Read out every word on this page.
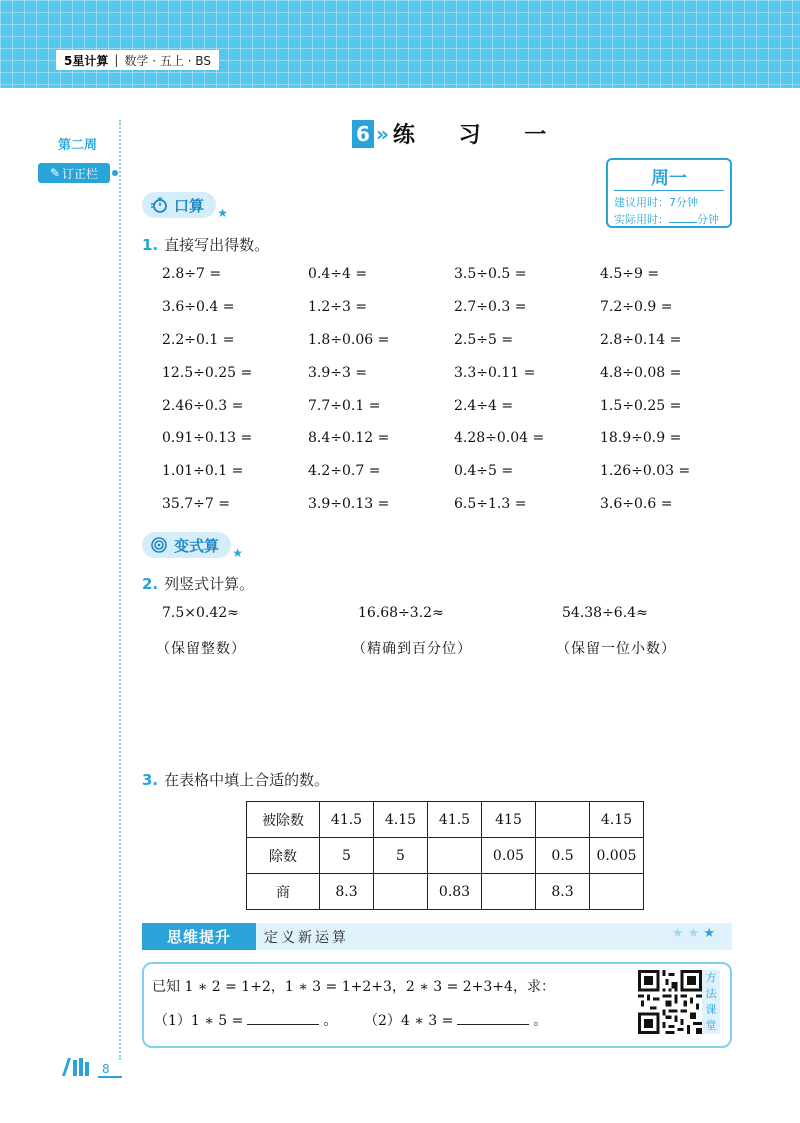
5星计算 | 数学 · 五上 · BS
第二周
✎ 订正栏
6 » 练 习 一
周一
建议用时：7分钟
实际用时：	分钟
口算 ★
1. 直接写出得数。
2.8÷7 =	0.4÷4 =	3.5÷0.5 =	4.5÷9 =
3.6÷0.4 =	1.2÷3 =	2.7÷0.3 =	7.2÷0.9 =
2.2÷0.1 =	1.8÷0.06 =	2.5÷5 =	2.8÷0.14 =
12.5÷0.25 =	3.9÷3 =	3.3÷0.11 =	4.8÷0.08 =
2.46÷0.3 =	7.7÷0.1 =	2.4÷4 =	1.5÷0.25 =
0.91÷0.13 =	8.4÷0.12 =	4.28÷0.04 =	18.9÷0.9 =
1.01÷0.1 =	4.2÷0.7 =	0.4÷5 =	1.26÷0.03 =
35.7÷7 =	3.9÷0.13 =	6.5÷1.3 =	3.6÷0.6 =
变式算 ★
2. 列竖式计算。
7.5×0.42≈	16.68÷3.2≈	54.38÷6.4≈
（保留整数）	（精确到百分位）	（保留一位小数）
3. 在表格中填上合适的数。
被除数	41.5	4.15	41.5	415		4.15
除数	5	5		0.05	0.5	0.005
商	8.3		0.83		8.3	
思维提升	定义新运算	★★★
已知 1 ∗ 2 = 1+2，1 ∗ 3 = 1+2+3，2 ∗ 3 = 2+3+4，求：
（1）1 ∗ 5 =	。 （2）4 ∗ 3 =	。
方
法
课
堂
8
